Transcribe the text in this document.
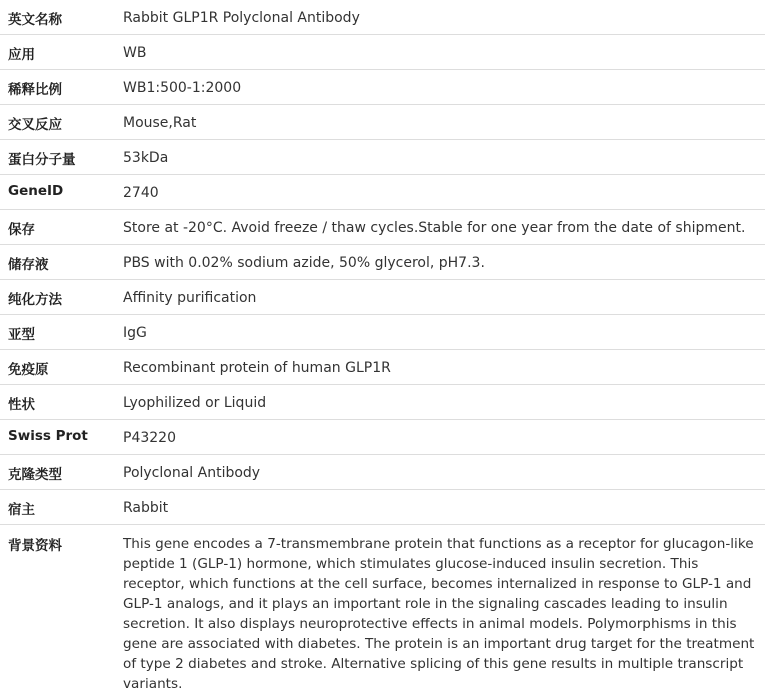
英文名称	Rabbit GLP1R Polyclonal Antibody
应用	WB
稀释比例	WB1:500-1:2000
交叉反应	Mouse,Rat
蛋白分子量	53kDa
GeneID	2740
保存	Store at -20°C. Avoid freeze / thaw cycles.Stable for one year from the date of shipment.
储存液	PBS with 0.02% sodium azide, 50% glycerol, pH7.3.
纯化方法	Affinity purification
亚型	IgG
免疫原	Recombinant protein of human GLP1R
性状	Lyophilized or Liquid
Swiss Prot	P43220
克隆类型	Polyclonal Antibody
宿主	Rabbit
背景资料	This gene encodes a 7-transmembrane protein that functions as a receptor for glucagon-like peptide 1 (GLP-1) hormone, which stimulates glucose-induced insulin secretion. This receptor, which functions at the cell surface, becomes internalized in response to GLP-1 and GLP-1 analogs, and it plays an important role in the signaling cascades leading to insulin secretion. It also displays neuroprotective effects in animal models. Polymorphisms in this gene are associated with diabetes. The protein is an important drug target for the treatment of type 2 diabetes and stroke. Alternative splicing of this gene results in multiple transcript variants.
